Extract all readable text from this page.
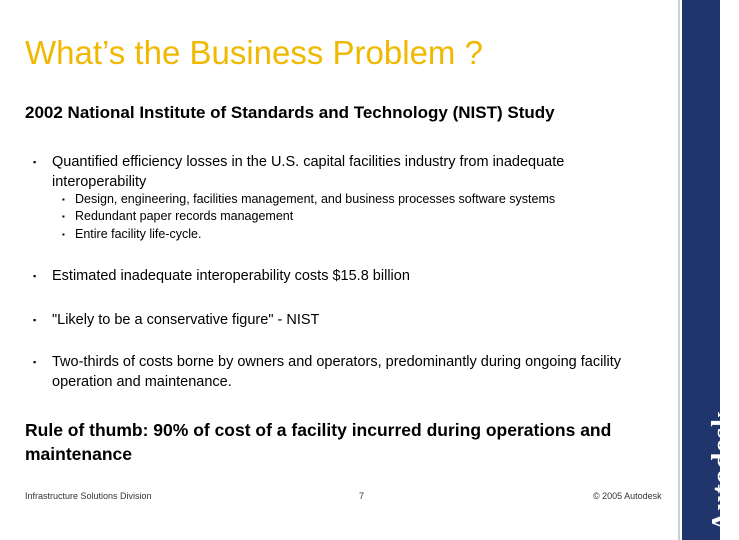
Autodesk
What’s the Business Problem ?
2002 National Institute of Standards and Technology (NIST) Study
▪ Quantified efficiency losses in the U.S. capital facilities industry from inadequate interoperability
▪ Design, engineering, facilities management, and business processes software systems
▪ Redundant paper records management
▪ Entire facility life-cycle.
▪ Estimated inadequate interoperability costs $15.8 billion
▪ "Likely to be a conservative figure" - NIST
▪ Two-thirds of costs borne by owners and operators, predominantly during ongoing facility operation and maintenance.
Rule of thumb: 90% of cost of a facility incurred during operations and maintenance
Infrastructure Solutions Division	7	© 2005 Autodesk
